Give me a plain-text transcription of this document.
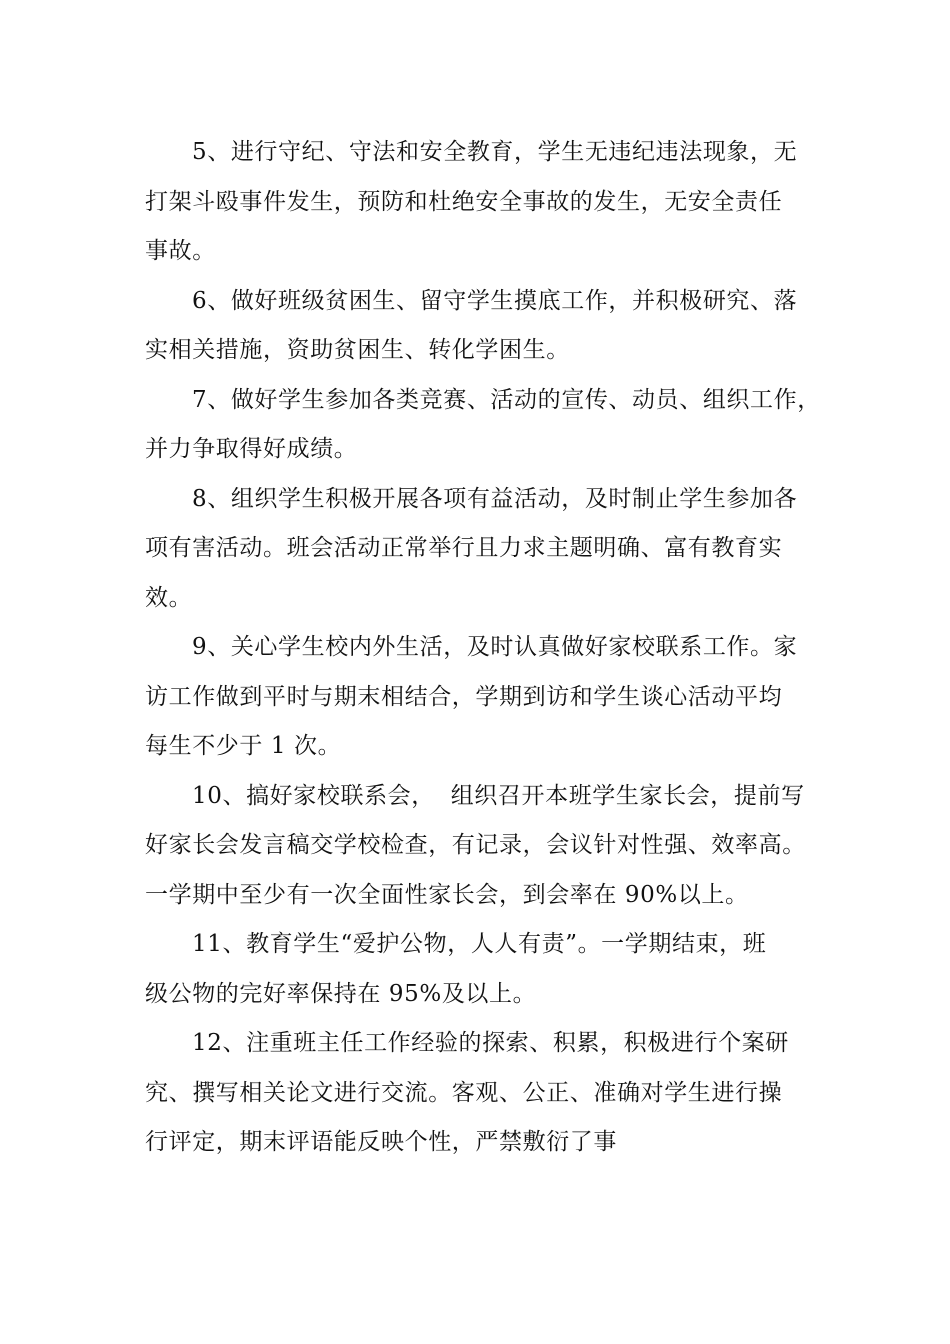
5、进行守纪、守法和安全教育，学生无违纪违法现象，无
打架斗殴事件发生，预防和杜绝安全事故的发生，无安全责任
事故。

6、做好班级贫困生、留守学生摸底工作，并积极研究、落
实相关措施，资助贫困生、转化学困生。

7、做好学生参加各类竞赛、活动的宣传、动员、组织工作，
并力争取得好成绩。

8、组织学生积极开展各项有益活动，及时制止学生参加各
项有害活动。班会活动正常举行且力求主题明确、富有教育实
效。

9、关心学生校内外生活，及时认真做好家校联系工作。家
访工作做到平时与期末相结合，学期到访和学生谈心活动平均
每生不少于 1 次。

10、搞好家校联系会，  组织召开本班学生家长会，提前写
好家长会发言稿交学校检查，有记录，会议针对性强、效率高。
一学期中至少有一次全面性家长会，到会率在 90%以上。

11、教育学生“爱护公物，人人有责”。一学期结束，班
级公物的完好率保持在 95%及以上。

12、注重班主任工作经验的探索、积累，积极进行个案研
究、撰写相关论文进行交流。客观、公正、准确对学生进行操
行评定，期末评语能反映个性，严禁敷衍了事
